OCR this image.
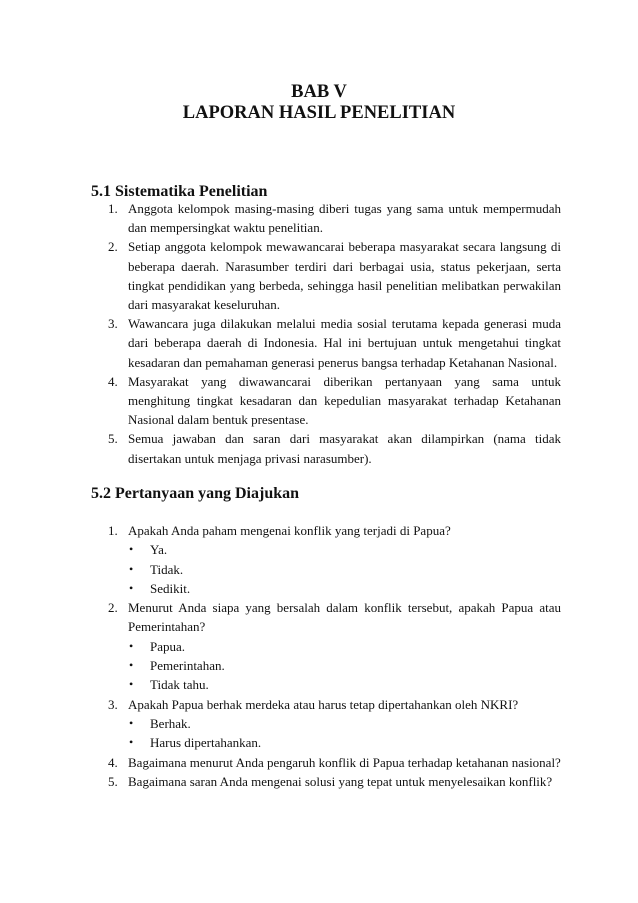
BAB V

LAPORAN HASIL PENELITIAN

5.1 Sistematika Penelitian

1. Anggota kelompok masing-masing diberi tugas yang sama untuk mempermudah dan mempersingkat waktu penelitian.
2. Setiap anggota kelompok mewawancarai beberapa masyarakat secara langsung di beberapa daerah. Narasumber terdiri dari berbagai usia, status pekerjaan, serta tingkat pendidikan yang berbeda, sehingga hasil penelitian melibatkan perwakilan dari masyarakat keseluruhan.
3. Wawancara juga dilakukan melalui media sosial terutama kepada generasi muda dari beberapa daerah di Indonesia. Hal ini bertujuan untuk mengetahui tingkat kesadaran dan pemahaman generasi penerus bangsa terhadap Ketahanan Nasional.
4. Masyarakat yang diwawancarai diberikan pertanyaan yang sama untuk menghitung tingkat kesadaran dan kepedulian masyarakat terhadap Ketahanan Nasional dalam bentuk presentase.
5. Semua jawaban dan saran dari masyarakat akan dilampirkan (nama tidak disertakan untuk menjaga privasi narasumber).

5.2 Pertanyaan yang Diajukan

1. Apakah Anda paham mengenai konflik yang terjadi di Papua?
• Ya.
• Tidak.
• Sedikit.
2. Menurut Anda siapa yang bersalah dalam konflik tersebut, apakah Papua atau Pemerintahan?
• Papua.
• Pemerintahan.
• Tidak tahu.
3. Apakah Papua berhak merdeka atau harus tetap dipertahankan oleh NKRI?
• Berhak.
• Harus dipertahankan.
4. Bagaimana menurut Anda pengaruh konflik di Papua terhadap ketahanan nasional?
5. Bagaimana saran Anda mengenai solusi yang tepat untuk menyelesaikan konflik?
